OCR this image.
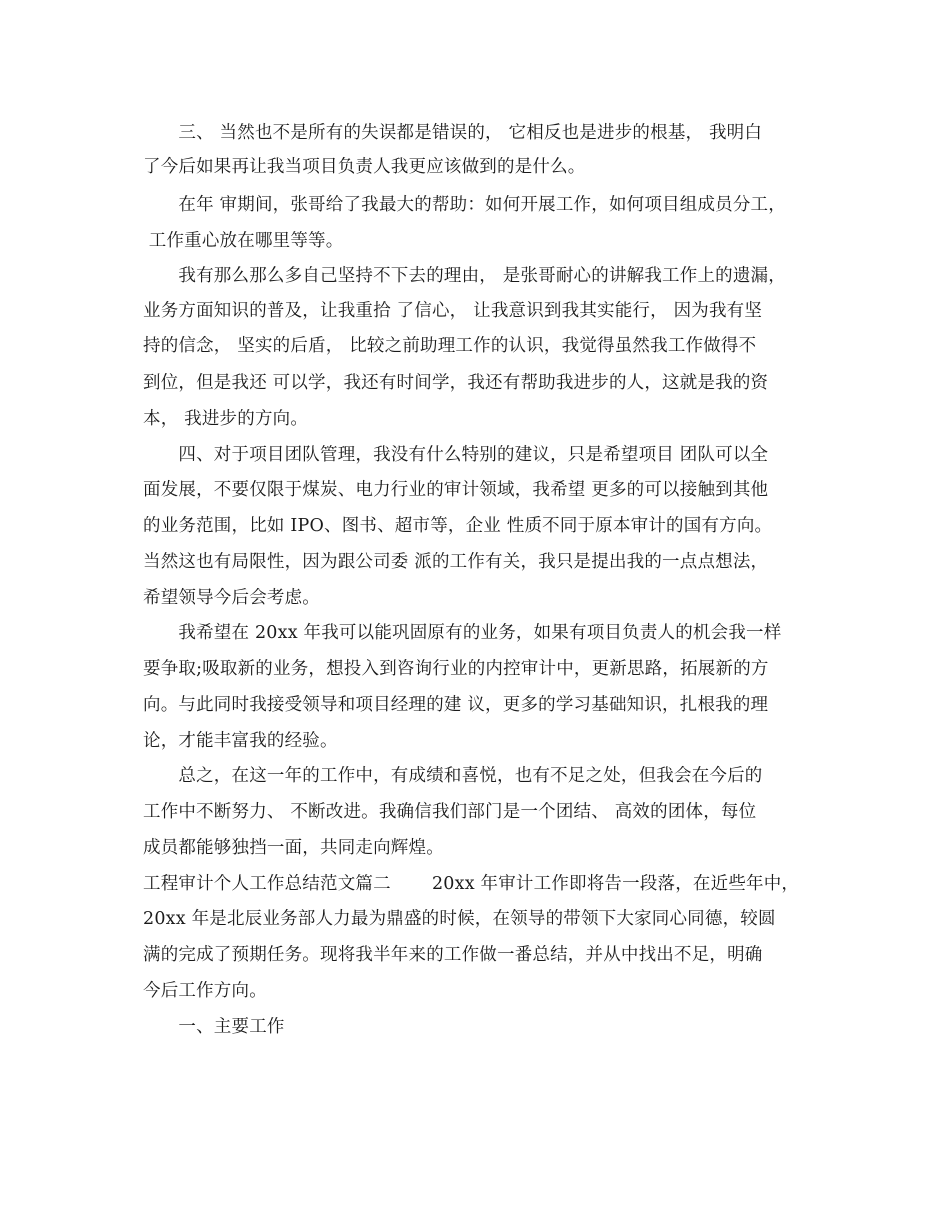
　　三、 当然也不是所有的失误都是错误的， 它相反也是进步的根基， 我明白
了今后如果再让我当项目负责人我更应该做到的是什么。
　　在年 审期间，张哥给了我最大的帮助：如何开展工作，如何项目组成员分工，
工作重心放在哪里等等。
　　我有那么那么多自己坚持不下去的理由， 是张哥耐心的讲解我工作上的遗漏，
业务方面知识的普及，让我重拾 了信心， 让我意识到我其实能行， 因为我有坚
持的信念， 坚实的后盾， 比较之前助理工作的认识，我觉得虽然我工作做得不
到位，但是我还 可以学，我还有时间学，我还有帮助我进步的人，这就是我的资
本， 我进步的方向。
　　四、对于项目团队管理，我没有什么特别的建议，只是希望项目 团队可以全
面发展，不要仅限于煤炭、电力行业的审计领域，我希望 更多的可以接触到其他
的业务范围，比如 IPO、图书、超市等，企业 性质不同于原本审计的国有方向。
当然这也有局限性，因为跟公司委 派的工作有关，我只是提出我的一点点想法，
希望领导今后会考虑。
　　我希望在 20xx 年我可以能巩固原有的业务，如果有项目负责人的机会我一样
要争取;吸取新的业务，想投入到咨询行业的内控审计中，更新思路，拓展新的方
向。与此同时我接受领导和项目经理的建 议，更多的学习基础知识，扎根我的理
论，才能丰富我的经验。
　　总之，在这一年的工作中，有成绩和喜悦，也有不足之处，但我会在今后的
工作中不断努力、 不断改进。我确信我们部门是一个团结、 高效的团体，每位
成员都能够独挡一面，共同走向辉煌。
工程审计个人工作总结范文篇二　　 20xx 年审计工作即将告一段落，在近些年中，
20xx 年是北辰业务部人力最为鼎盛的时候，在领导的带领下大家同心同德，较圆
满的完成了预期任务。现将我半年来的工作做一番总结，并从中找出不足，明确
今后工作方向。
　　一、主要工作
